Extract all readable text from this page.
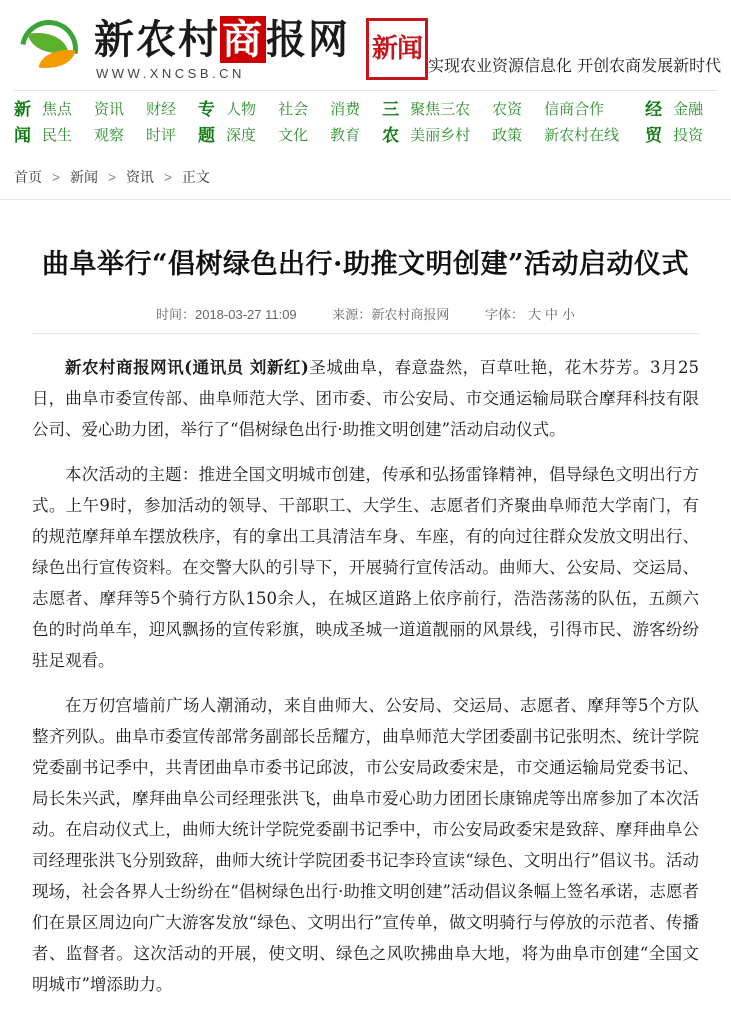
新农村商报网
WWW.XNCSB.CN
新闻
实现农业资源信息化 开创农商发展新时代
新
闻
焦点
民生
资讯
观察
财经
时评
专
题
人物
深度
社会
文化
消费
教育
三
农
聚焦三农
美丽乡村
农资
政策
信商合作
新农村在线
经
贸
金融
投资
首页 > 新闻 > 资讯 > 正文
曲阜举行“倡树绿色出行·助推文明创建”活动启动仪式
时间：2018-03-27 11:09	来源：新农村商报网	字体： 大 中 小

新农村商报网讯(通讯员 刘新红)圣城曲阜，春意盎然，百草吐艳，花木芬芳。3月25日，曲阜市委宣传部、曲阜师范大学、团市委、市公安局、市交通运输局联合摩拜科技有限公司、爱心助力团，举行了“倡树绿色出行·助推文明创建”活动启动仪式。

本次活动的主题：推进全国文明城市创建，传承和弘扬雷锋精神，倡导绿色文明出行方式。上午9时，参加活动的领导、干部职工、大学生、志愿者们齐聚曲阜师范大学南门，有的规范摩拜单车摆放秩序，有的拿出工具清洁车身、车座，有的向过往群众发放文明出行、绿色出行宣传资料。在交警大队的引导下，开展骑行宣传活动。曲师大、公安局、交运局、志愿者、摩拜等5个骑行方队150余人，在城区道路上依序前行，浩浩荡荡的队伍，五颜六色的时尚单车，迎风飘扬的宣传彩旗，映成圣城一道道靓丽的风景线，引得市民、游客纷纷驻足观看。

在万仞宫墙前广场人潮涌动，来自曲师大、公安局、交运局、志愿者、摩拜等5个方队整齐列队。曲阜市委宣传部常务副部长岳耀方，曲阜师范大学团委副书记张明杰、统计学院党委副书记季中，共青团曲阜市委书记邱波，市公安局政委宋是，市交通运输局党委书记、局长朱兴武，摩拜曲阜公司经理张洪飞，曲阜市爱心助力团团长康锦虎等出席参加了本次活动。在启动仪式上，曲师大统计学院党委副书记季中，市公安局政委宋是致辞、摩拜曲阜公司经理张洪飞分别致辞，曲师大统计学院团委书记李玲宣读“绿色、文明出行”倡议书。活动现场，社会各界人士纷纷在“倡树绿色出行·助推文明创建”活动倡议条幅上签名承诺，志愿者们在景区周边向广大游客发放“绿色、文明出行”宣传单，做文明骑行与停放的示范者、传播者、监督者。这次活动的开展，使文明、绿色之风吹拂曲阜大地，将为曲阜市创建“全国文明城市”增添助力。
